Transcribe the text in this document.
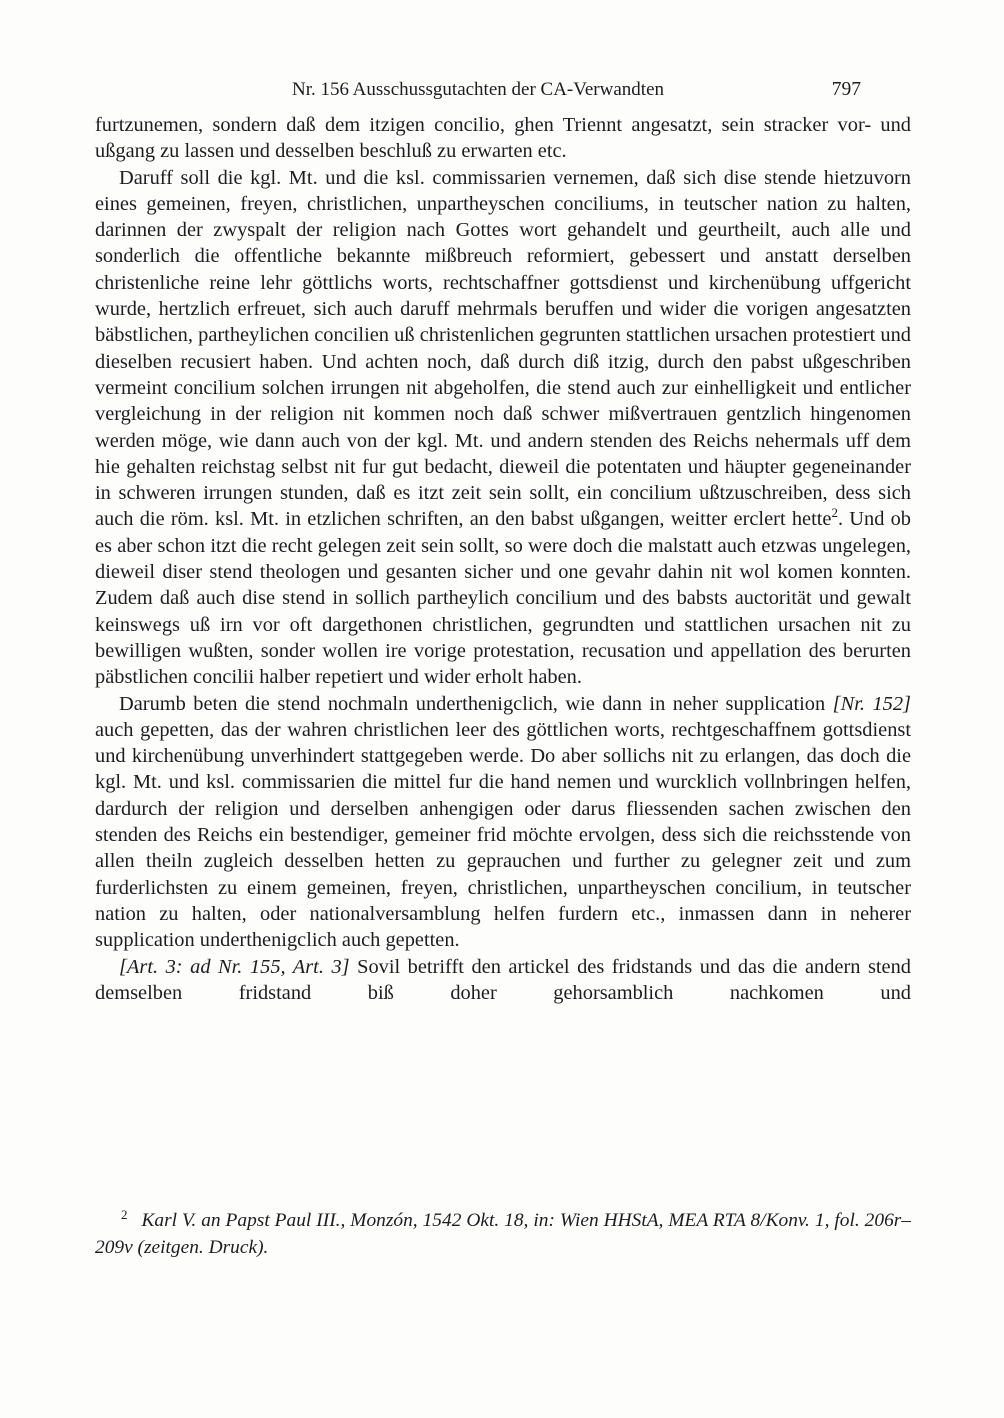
Nr. 156 Ausschussgutachten der CA-Verwandten	797

furtzunemen, sondern daß dem itzigen concilio, ghen Triennt angesatzt, sein stracker vor- und ußgang zu lassen und desselben beschluß zu erwarten etc.

Daruff soll die kgl. Mt. und die ksl. commissarien vernemen, daß sich dise stende hietzuvorn eines gemeinen, freyen, christlichen, unpartheyschen conciliums, in teutscher nation zu halten, darinnen der zwyspalt der religion nach Gottes wort gehandelt und geurtheilt, auch alle und sonderlich die offentliche bekannte mißbreuch reformiert, gebessert und anstatt derselben christenliche reine lehr göttlichs worts, rechtschaffner gottsdienst und kirchenübung uffgericht wurde, hertzlich erfreuet, sich auch daruff mehrmals beruffen und wider die vorigen angesatzten bäbstlichen, partheylichen concilien uß christenlichen gegrunten stattlichen ursachen protestiert und dieselben recusiert haben. Und achten noch, daß durch diß itzig, durch den pabst ußgeschriben vermeint concilium solchen irrungen nit abgeholfen, die stend auch zur einhelligkeit und entlicher vergleichung in der religion nit kommen noch daß schwer mißvertrauen gentzlich hingenomen werden möge, wie dann auch von der kgl. Mt. und andern stenden des Reichs nehermals uff dem hie gehalten reichstag selbst nit fur gut bedacht, dieweil die potentaten und häupter gegeneinander in schweren irrungen stunden, daß es itzt zeit sein sollt, ein concilium ußtzuschreiben, dess sich auch die röm. ksl. Mt. in etzlichen schriften, an den babst ußgangen, weitter erclert hette$^2$. Und ob es aber schon itzt die recht gelegen zeit sein sollt, so were doch die malstatt auch etzwas ungelegen, dieweil diser stend theologen und gesanten sicher und one gevahr dahin nit wol komen konnten. Zudem daß auch dise stend in sollich partheylich concilium und des babsts auctorität und gewalt keinswegs uß irn vor oft dargethonen christlichen, gegrundten und stattlichen ursachen nit zu bewilligen wußten, sonder wollen ire vorige protestation, recusation und appellation des berurten päbstlichen concilii halber repetiert und wider erholt haben.

Darumb beten die stend nochmaln underthenigclich, wie dann in neher supplication [Nr. 152] auch gepetten, das der wahren christlichen leer des göttlichen worts, rechtgeschaffnem gottsdienst und kirchenübung unverhindert stattgegeben werde. Do aber sollichs nit zu erlangen, das doch die kgl. Mt. und ksl. commissarien die mittel fur die hand nemen und wurcklich vollnbringen helfen, dardurch der religion und derselben anhengigen oder darus fliessenden sachen zwischen den stenden des Reichs ein bestendiger, gemeiner frid möchte ervolgen, dess sich die reichsstende von allen theiln zugleich desselben hetten zu geprauchen und further zu gelegner zeit und zum furderlichsten zu einem gemeinen, freyen, christlichen, unpartheyschen concilium, in teutscher nation zu halten, oder nationalversamblung helfen furdern etc., inmassen dann in neherer supplication underthenigclich auch gepetten.

[Art. 3: ad Nr. 155, Art. 3] Sovil betrifft den artickel des fridstands und das die andern stend demselben fridstand biß doher gehorsamblich nachkomen und

$^2$ Karl V. an Papst Paul III., Monzón, 1542 Okt. 18, in: Wien HHStA, MEA RTA 8/Konv. 1, fol. 206r–209v (zeitgen. Druck).
